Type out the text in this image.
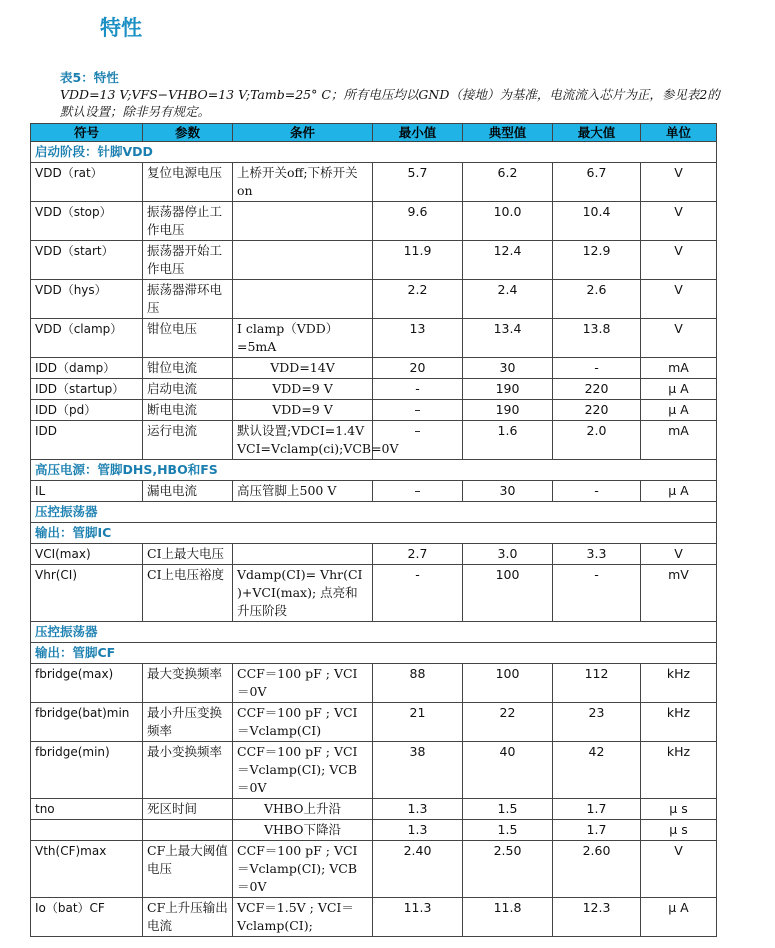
特性
表5：特性
VDD=13 V;VFS−VHBO=13 V;Tamb=25° C；所有电压均以GND（接地）为基准，电流流入芯片为正，参见表2的默认设置；除非另有规定。
符号	参数	条件	最小值	典型值	最大值	单位
启动阶段：针脚VDD						
VDD（rat）	复位电源电压	上桥开关off;下桥开关on	5.7	6.2	6.7	V
VDD（stop）	振荡器停止工作电压		9.6	10.0	10.4	V
VDD（start）	振荡器开始工作电压		11.9	12.4	12.9	V
VDD（hys）	振荡器滞环电压		2.2	2.4	2.6	V
VDD（clamp）	钳位电压	I clamp（VDD）=5mA	13	13.4	13.8	V
IDD（damp）	钳位电流	VDD=14V	20	30	-	mA
IDD（startup）	启动电流	VDD=9 V	-	190	220	μ A
IDD（pd）	断电电流	VDD=9 V	–	190	220	μ A
IDD	运行电流	默认设置;VDCI=1.4V VCI=Vclamp(ci);VCB=0V	–	1.6	2.0	mA
高压电源：管脚DHS,HBO和FS						
IL	漏电电流	高压管脚上500 V	–	30	-	μ A
压控振荡器						
输出：管脚IC						
VCI(max)	CI上最大电压		2.7	3.0	3.3	V
Vhr(CI)	CI上电压裕度	Vdamp(CI)= Vhr(CI )+VCI(max); 点亮和升压阶段	-	100	-	mV
压控振荡器						
输出：管脚CF						
fbridge(max)	最大变换频率	CCF＝100 pF ; VCI＝0V	88	100	112	kHz
fbridge(bat)min	最小升压变换频率	CCF＝100 pF ; VCI＝Vclamp(CI)	21	22	23	kHz
fbridge(min)	最小变换频率	CCF＝100 pF ; VCI＝Vclamp(CI); VCB＝0V	38	40	42	kHz
tno	死区时间	VHBO上升沿	1.3	1.5	1.7	μ s
		VHBO下降沿	1.3	1.5	1.7	μ s
Vth(CF)max	CF上最大阈值电压	CCF＝100 pF ; VCI＝Vclamp(CI); VCB＝0V	2.40	2.50	2.60	V
Io（bat）CF	CF上升压输出电流	VCF＝1.5V ; VCI＝Vclamp(CI);	11.3	11.8	12.3	μ A
